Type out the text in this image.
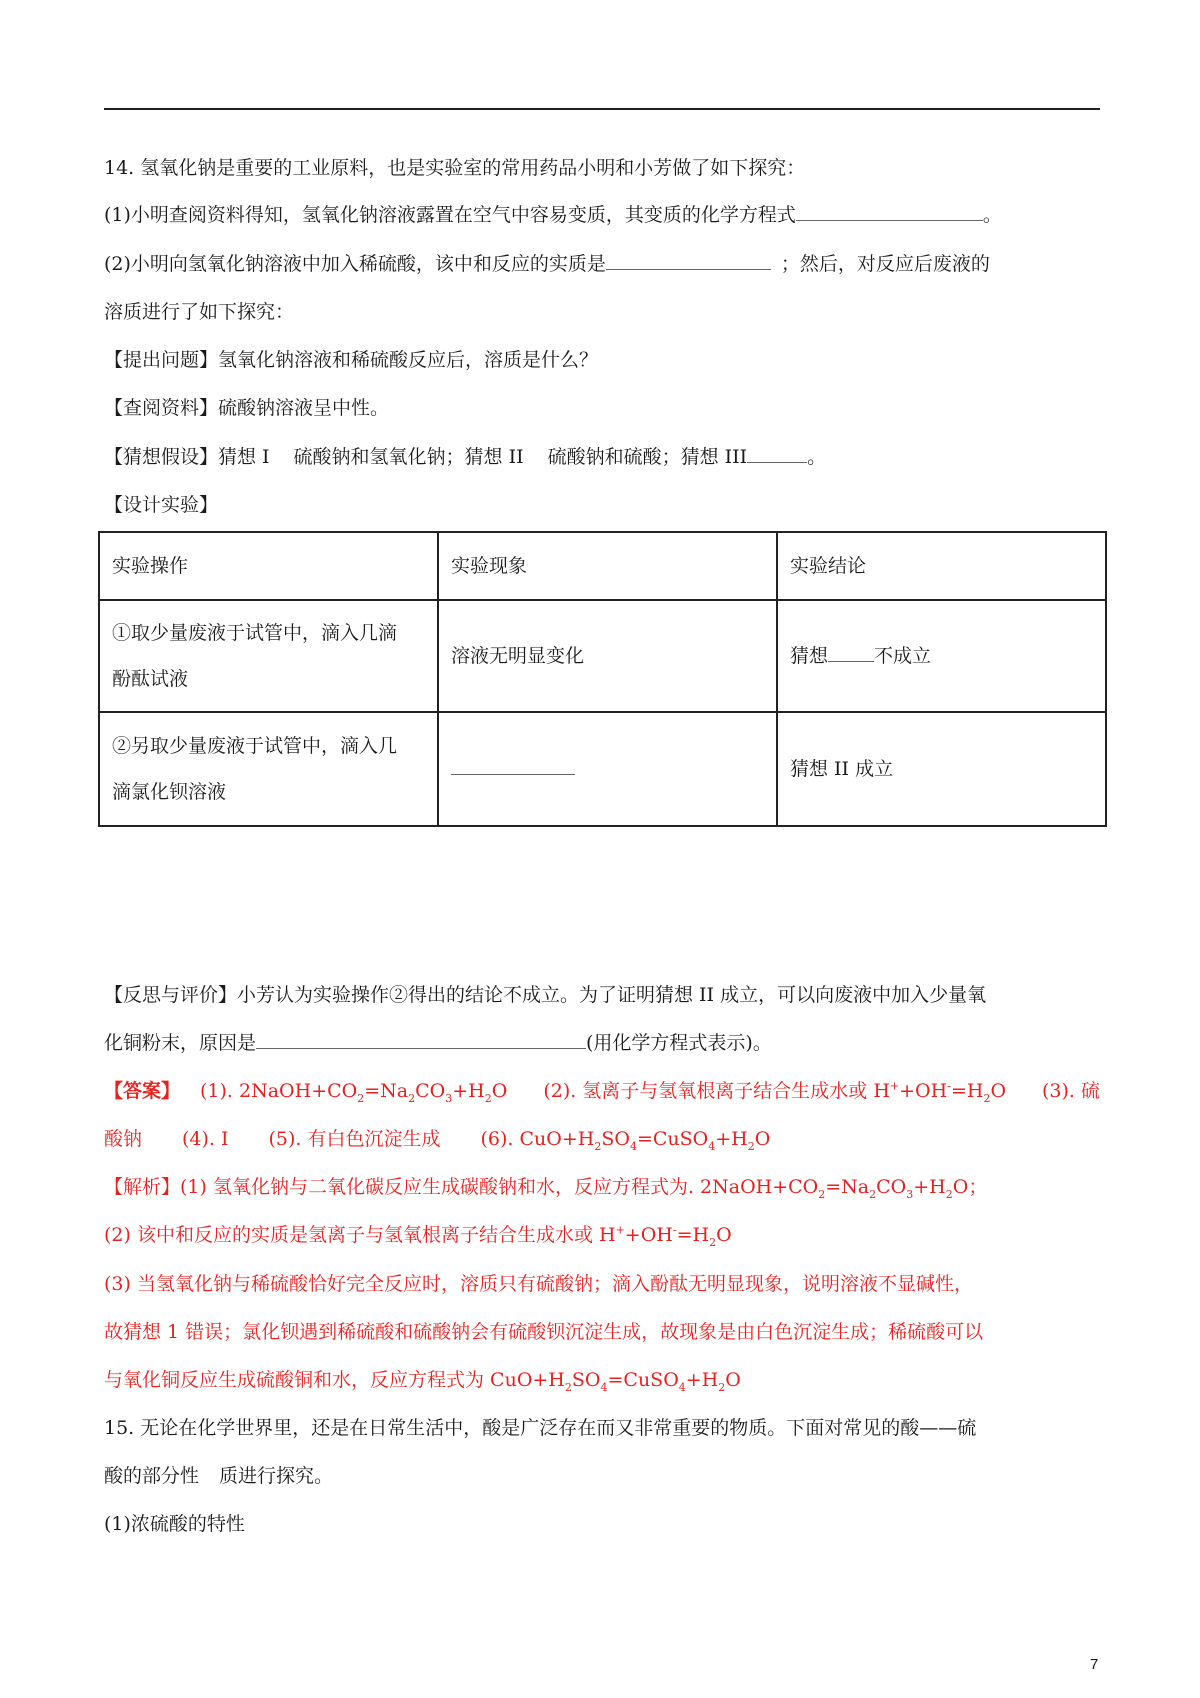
14. 氢氧化钠是重要的工业原料，也是实验室的常用药品小明和小芳做了如下探究：
(1)小明查阅资料得知，氢氧化钠溶液露置在空气中容易变质，其变质的化学方程式	。
(2)小明向氢氧化钠溶液中加入稀硫酸，该中和反应的实质是	；然后，对反应后废液的
溶质进行了如下探究：
【提出问题】氢氧化钠溶液和稀硫酸反应后，溶质是什么？
【查阅资料】硫酸钠溶液呈中性。
【猜想假设】猜想 I 硫酸钠和氢氧化钠；猜想 II 硫酸钠和硫酸；猜想 III	。
【设计实验】
实验操作	实验现象	实验结论

①取少量废液于试管中，滴入几滴
酚酞试液	溶液无明显变化	猜想 不成立

②另取少量废液于试管中，滴入几
滴氯化钡溶液		猜想 II 成立
【反思与评价】小芳认为实验操作②得出的结论不成立。为了证明猜想 II 成立，可以向废液中加入少量氧
化铜粉末，原因是	(用化学方程式表示)。
【答案】 (1). $2NaOH+CO_2=Na_2CO_3+H_2O$ (2). 氢离子与氢氧根离子结合生成水或 $H^++OH^-=H_2O$ (3). 硫
酸钠 (4). I (5). 有白色沉淀生成 (6). $CuO+H_2SO_4=CuSO_4+H_2O$
【解析】(1) 氢氧化钠与二氧化碳反应生成碳酸钠和水，反应方程式为. $2NaOH+CO_2=Na_2CO_3+H_2O$；
(2) 该中和反应的实质是氢离子与氢氧根离子结合生成水或 $H^++OH^-=H_2O$
(3) 当氢氧化钠与稀硫酸恰好完全反应时，溶质只有硫酸钠；滴入酚酞无明显现象，说明溶液不显碱性，
故猜想 1 错误；氯化钡遇到稀硫酸和硫酸钠会有硫酸钡沉淀生成，故现象是由白色沉淀生成；稀硫酸可以
与氧化铜反应生成硫酸铜和水，反应方程式为 $CuO+H_2SO_4=CuSO_4+H_2O$
15. 无论在化学世界里，还是在日常生活中，酸是广泛存在而又非常重要的物质。下面对常见的酸——硫
酸的部分性 质进行探究。
(1)浓硫酸的特性
7
